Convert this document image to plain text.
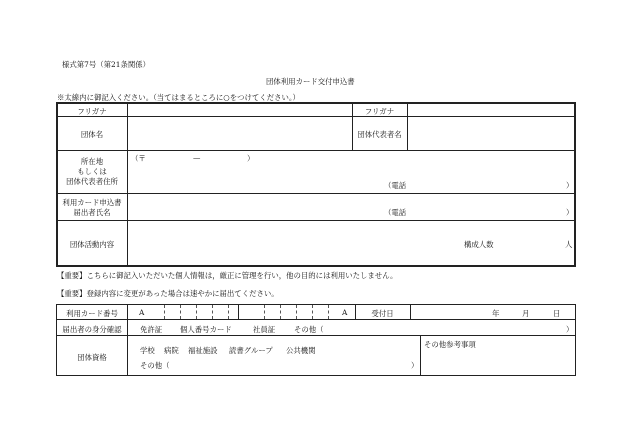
様式第7号（第21条関係）
団体利用カード交付申込書
※太線内に御記入ください。（当てはまるところに○をつけてください。）
フリガナ	フリガナ
団体名	団体代表者名
所在地
もしくは
団体代表者住所
（〒	—	）
（電話	）
利用カード申込書
届出者氏名	（電話	）
団体活動内容	構成人数	人
【重要】こちらに御記入いただいた個人情報は，厳正に管理を行い，他の目的には利用いたしません。
【重要】登録内容に変更があった場合は速やかに届出てください。
利用カード番号	A	A	受付日	年	月	日
届出者の身分確認	免許証 個人番号カード	社員証	その他（	）
団体資格
学校 病院 福祉施設 読書グループ 公共機関
その他（	）
その他参考事項
